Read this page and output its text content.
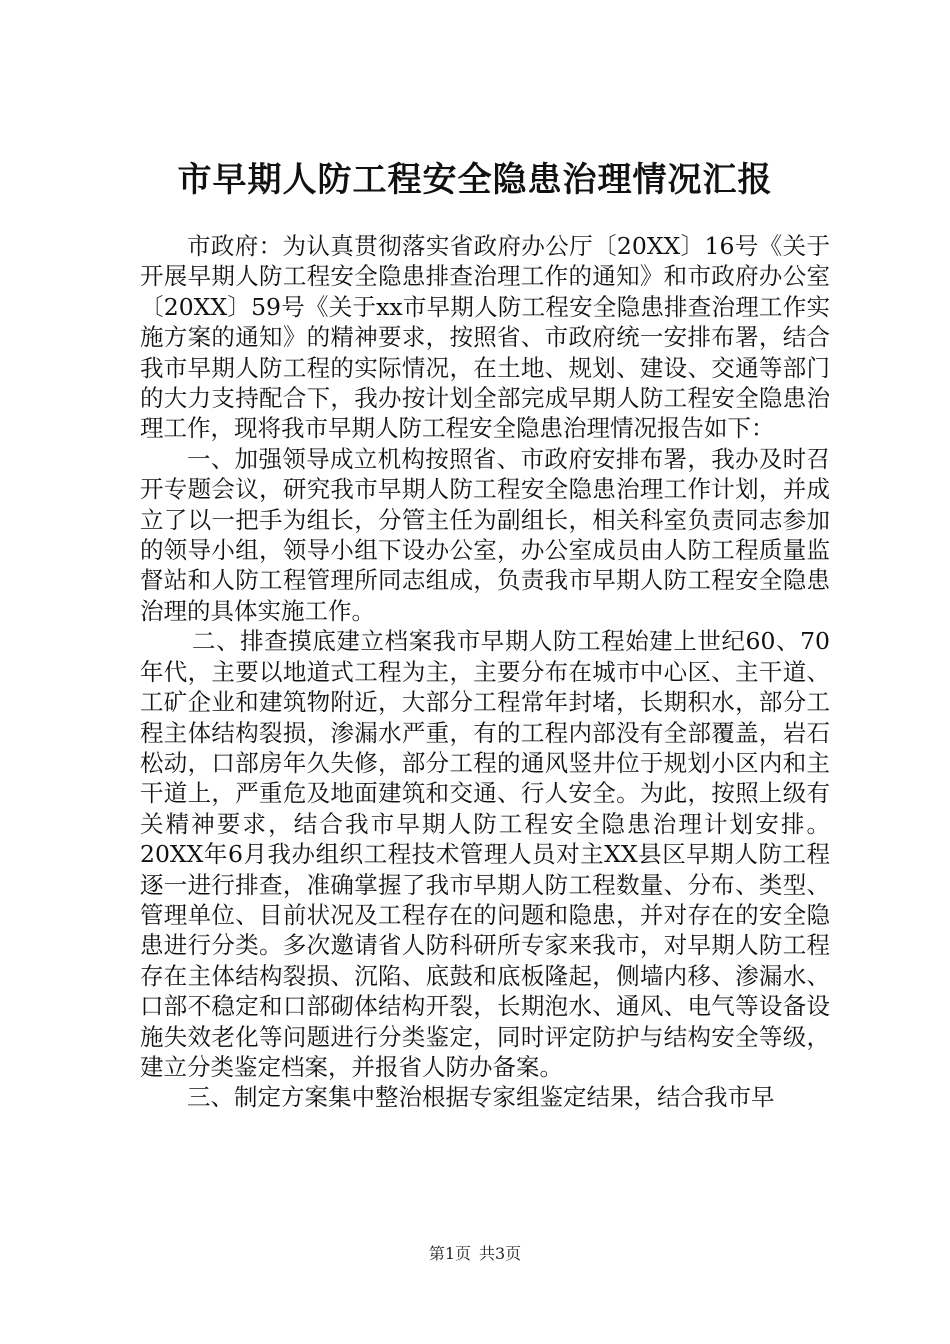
市早期人防工程安全隐患治理情况汇报

市政府：为认真贯彻落实省政府办公厅〔20XX〕16号《关于开展早期人防工程安全隐患排查治理工作的通知》和市政府办公室〔20XX〕59号《关于xx市早期人防工程安全隐患排查治理工作实施方案的通知》的精神要求，按照省、市政府统一安排布署，结合我市早期人防工程的实际情况，在土地、规划、建设、交通等部门的大力支持配合下，我办按计划全部完成早期人防工程安全隐患治理工作，现将我市早期人防工程安全隐患治理情况报告如下：

一、加强领导成立机构按照省、市政府安排布署，我办及时召开专题会议，研究我市早期人防工程安全隐患治理工作计划，并成立了以一把手为组长，分管主任为副组长，相关科室负责同志参加的领导小组，领导小组下设办公室，办公室成员由人防工程质量监督站和人防工程管理所同志组成，负责我市早期人防工程安全隐患治理的具体实施工作。

二、排查摸底建立档案我市早期人防工程始建上世纪60、70年代，主要以地道式工程为主，主要分布在城市中心区、主干道、工矿企业和建筑物附近，大部分工程常年封堵，长期积水，部分工程主体结构裂损，渗漏水严重，有的工程内部没有全部覆盖，岩石松动，口部房年久失修，部分工程的通风竖井位于规划小区内和主干道上，严重危及地面建筑和交通、行人安全。为此，按照上级有关精神要求，结合我市早期人防工程安全隐患治理计划安排。20XX年6月我办组织工程技术管理人员对主XX县区早期人防工程逐一进行排查，准确掌握了我市早期人防工程数量、分布、类型、管理单位、目前状况及工程存在的问题和隐患，并对存在的安全隐患进行分类。多次邀请省人防科研所专家来我市，对早期人防工程存在主体结构裂损、沉陷、底鼓和底板隆起，侧墙内移、渗漏水、口部不稳定和口部砌体结构开裂，长期泡水、通风、电气等设备设施失效老化等问题进行分类鉴定，同时评定防护与结构安全等级，建立分类鉴定档案，并报省人防办备案。

三、制定方案集中整治根据专家组鉴定结果，结合我市早

第1页 共3页
